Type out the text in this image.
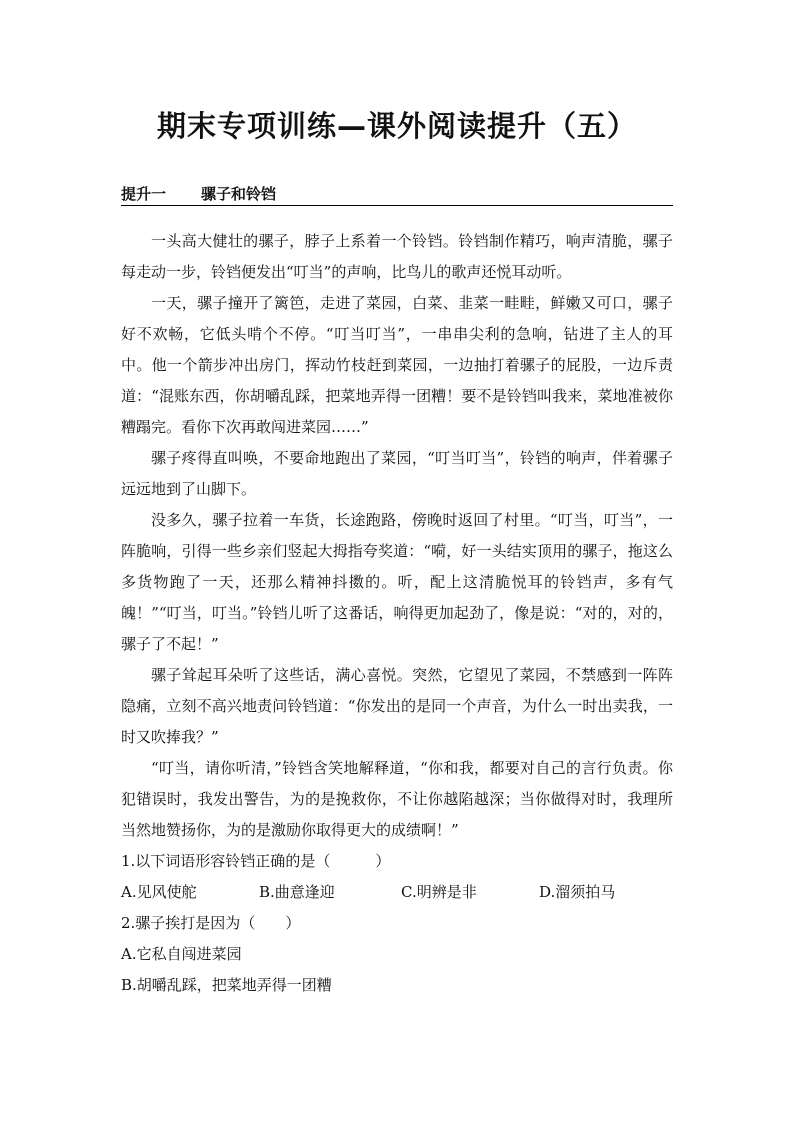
期末专项训练—课外阅读提升（五）
提升一 骡子和铃铛

一头高大健壮的骡子，脖子上系着一个铃铛。铃铛制作精巧，响声清脆，骡子每走动一步，铃铛便发出“叮当”的声响，比鸟儿的歌声还悦耳动听。

一天，骡子撞开了篱笆，走进了菜园，白菜、韭菜一畦畦，鲜嫩又可口，骡子好不欢畅，它低头啃个不停。“叮当叮当”，一串串尖利的急响，钻进了主人的耳中。他一个箭步冲出房门，挥动竹枝赶到菜园，一边抽打着骡子的屁股，一边斥责道：“混账东西，你胡嚼乱踩，把菜地弄得一团糟！要不是铃铛叫我来，菜地准被你糟蹋完。看你下次再敢闯进菜园……”

骡子疼得直叫唤，不要命地跑出了菜园，“叮当叮当”，铃铛的响声，伴着骡子远远地到了山脚下。

没多久，骡子拉着一车货，长途跑路，傍晚时返回了村里。“叮当，叮当”，一阵脆响，引得一些乡亲们竖起大拇指夸奖道：“嗬，好一头结实顶用的骡子，拖这么多货物跑了一天，还那么精神抖擞的。听，配上这清脆悦耳的铃铛声，多有气魄！”“叮当，叮当。”铃铛儿听了这番话，响得更加起劲了，像是说：“对的，对的，骡子了不起！”

骡子耸起耳朵听了这些话，满心喜悦。突然，它望见了菜园，不禁感到一阵阵隐痛，立刻不高兴地责问铃铛道：“你发出的是同一个声音，为什么一时出卖我，一时又吹捧我？”

“叮当，请你听清，”铃铛含笑地解释道，“你和我，都要对自己的言行负责。你犯错误时，我发出警告，为的是挽救你，不让你越陷越深；当你做得对时，我理所当然地赞扬你，为的是激励你取得更大的成绩啊！”

1.以下词语形容铃铛正确的是（　　　）

A.见风使舵	B.曲意逢迎	C.明辨是非	D.溜须拍马

2.骡子挨打是因为（　　）

A.它私自闯进菜园

B.胡嚼乱踩，把菜地弄得一团糟
